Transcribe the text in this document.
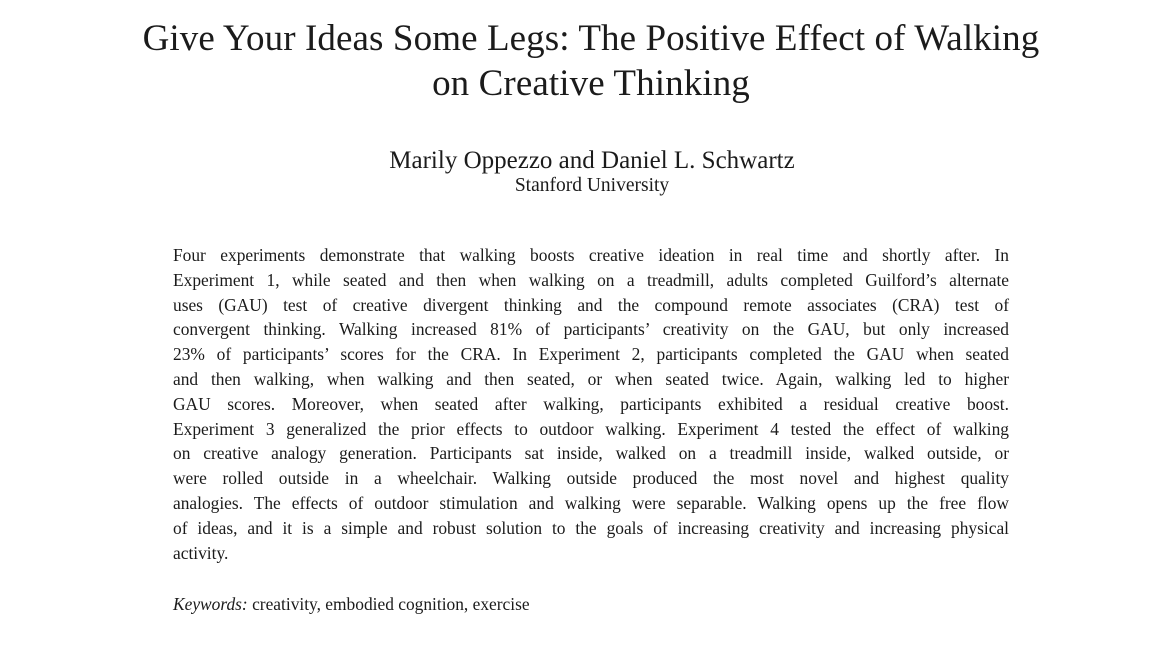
Give Your Ideas Some Legs: The Positive Effect of Walking
on Creative Thinking
Marily Oppezzo and Daniel L. Schwartz
Stanford University
Four experiments demonstrate that walking boosts creative ideation in real time and shortly after. In
Experiment 1, while seated and then when walking on a treadmill, adults completed Guilford’s alternate
uses (GAU) test of creative divergent thinking and the compound remote associates (CRA) test of
convergent thinking. Walking increased 81% of participants’ creativity on the GAU, but only increased
23% of participants’ scores for the CRA. In Experiment 2, participants completed the GAU when seated
and then walking, when walking and then seated, or when seated twice. Again, walking led to higher
GAU scores. Moreover, when seated after walking, participants exhibited a residual creative boost.
Experiment 3 generalized the prior effects to outdoor walking. Experiment 4 tested the effect of walking
on creative analogy generation. Participants sat inside, walked on a treadmill inside, walked outside, or
were rolled outside in a wheelchair. Walking outside produced the most novel and highest quality
analogies. The effects of outdoor stimulation and walking were separable. Walking opens up the free flow
of ideas, and it is a simple and robust solution to the goals of increasing creativity and increasing physical
activity.
Keywords: creativity, embodied cognition, exercise
